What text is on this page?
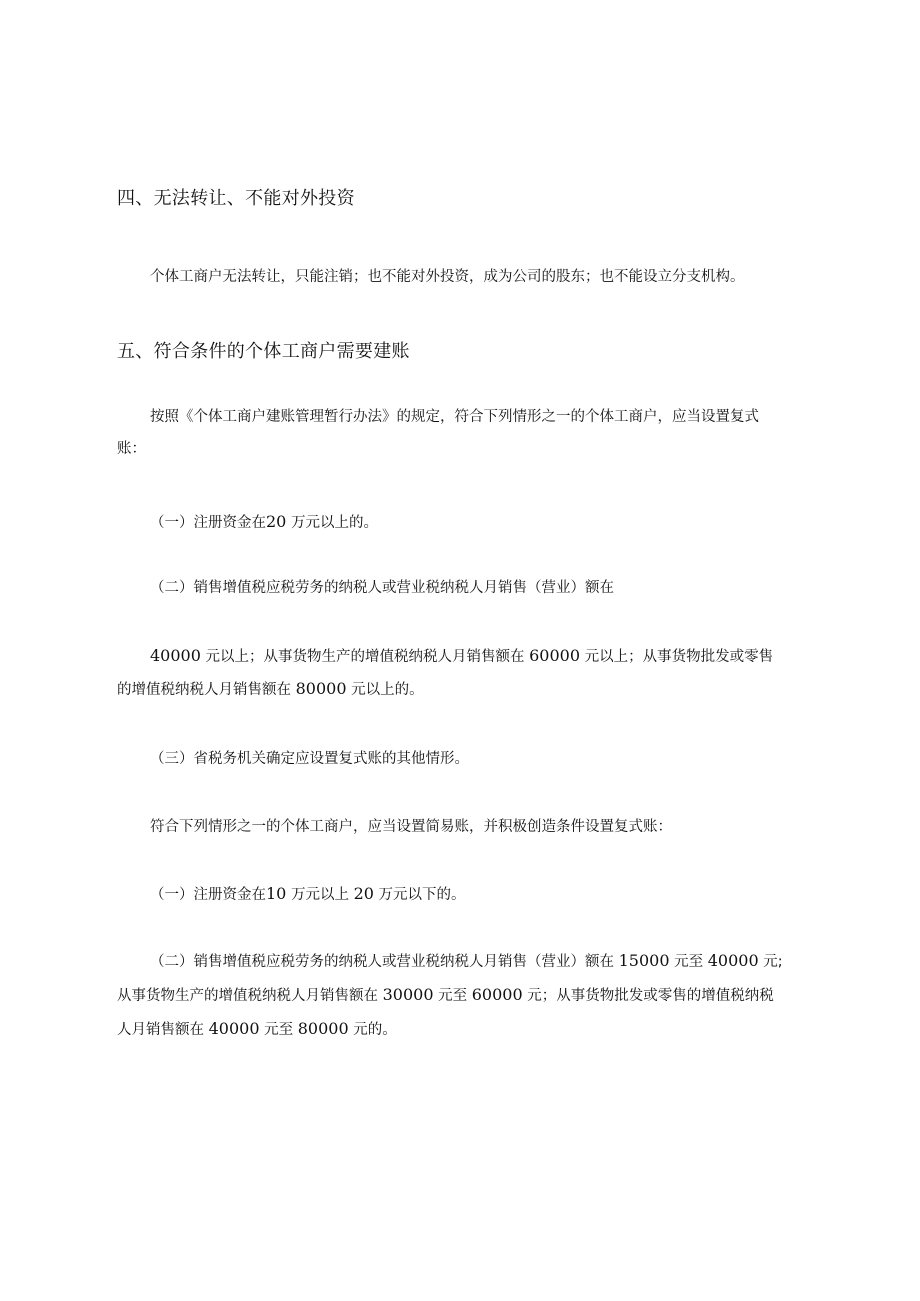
四、无法转让、不能对外投资
个体工商户无法转让，只能注销；也不能对外投资，成为公司的股东；也不能设立分支机构。
五、符合条件的个体工商户需要建账
按照《个体工商户建账管理暂行办法》的规定，符合下列情形之一的个体工商户，应当设置复式
账：
（一）注册资金在20 万元以上的。
（二）销售增值税应税劳务的纳税人或营业税纳税人月销售（营业）额在
40000 元以上；从事货物生产的增值税纳税人月销售额在 60000 元以上；从事货物批发或零售
的增值税纳税人月销售额在 80000 元以上的。
（三）省税务机关确定应设置复式账的其他情形。
符合下列情形之一的个体工商户，应当设置简易账，并积极创造条件设置复式账：
（一）注册资金在10 万元以上 20 万元以下的。
（二）销售增值税应税劳务的纳税人或营业税纳税人月销售（营业）额在 15000 元至 40000 元;
从事货物生产的增值税纳税人月销售额在 30000 元至 60000 元；从事货物批发或零售的增值税纳税
人月销售额在 40000 元至 80000 元的。
